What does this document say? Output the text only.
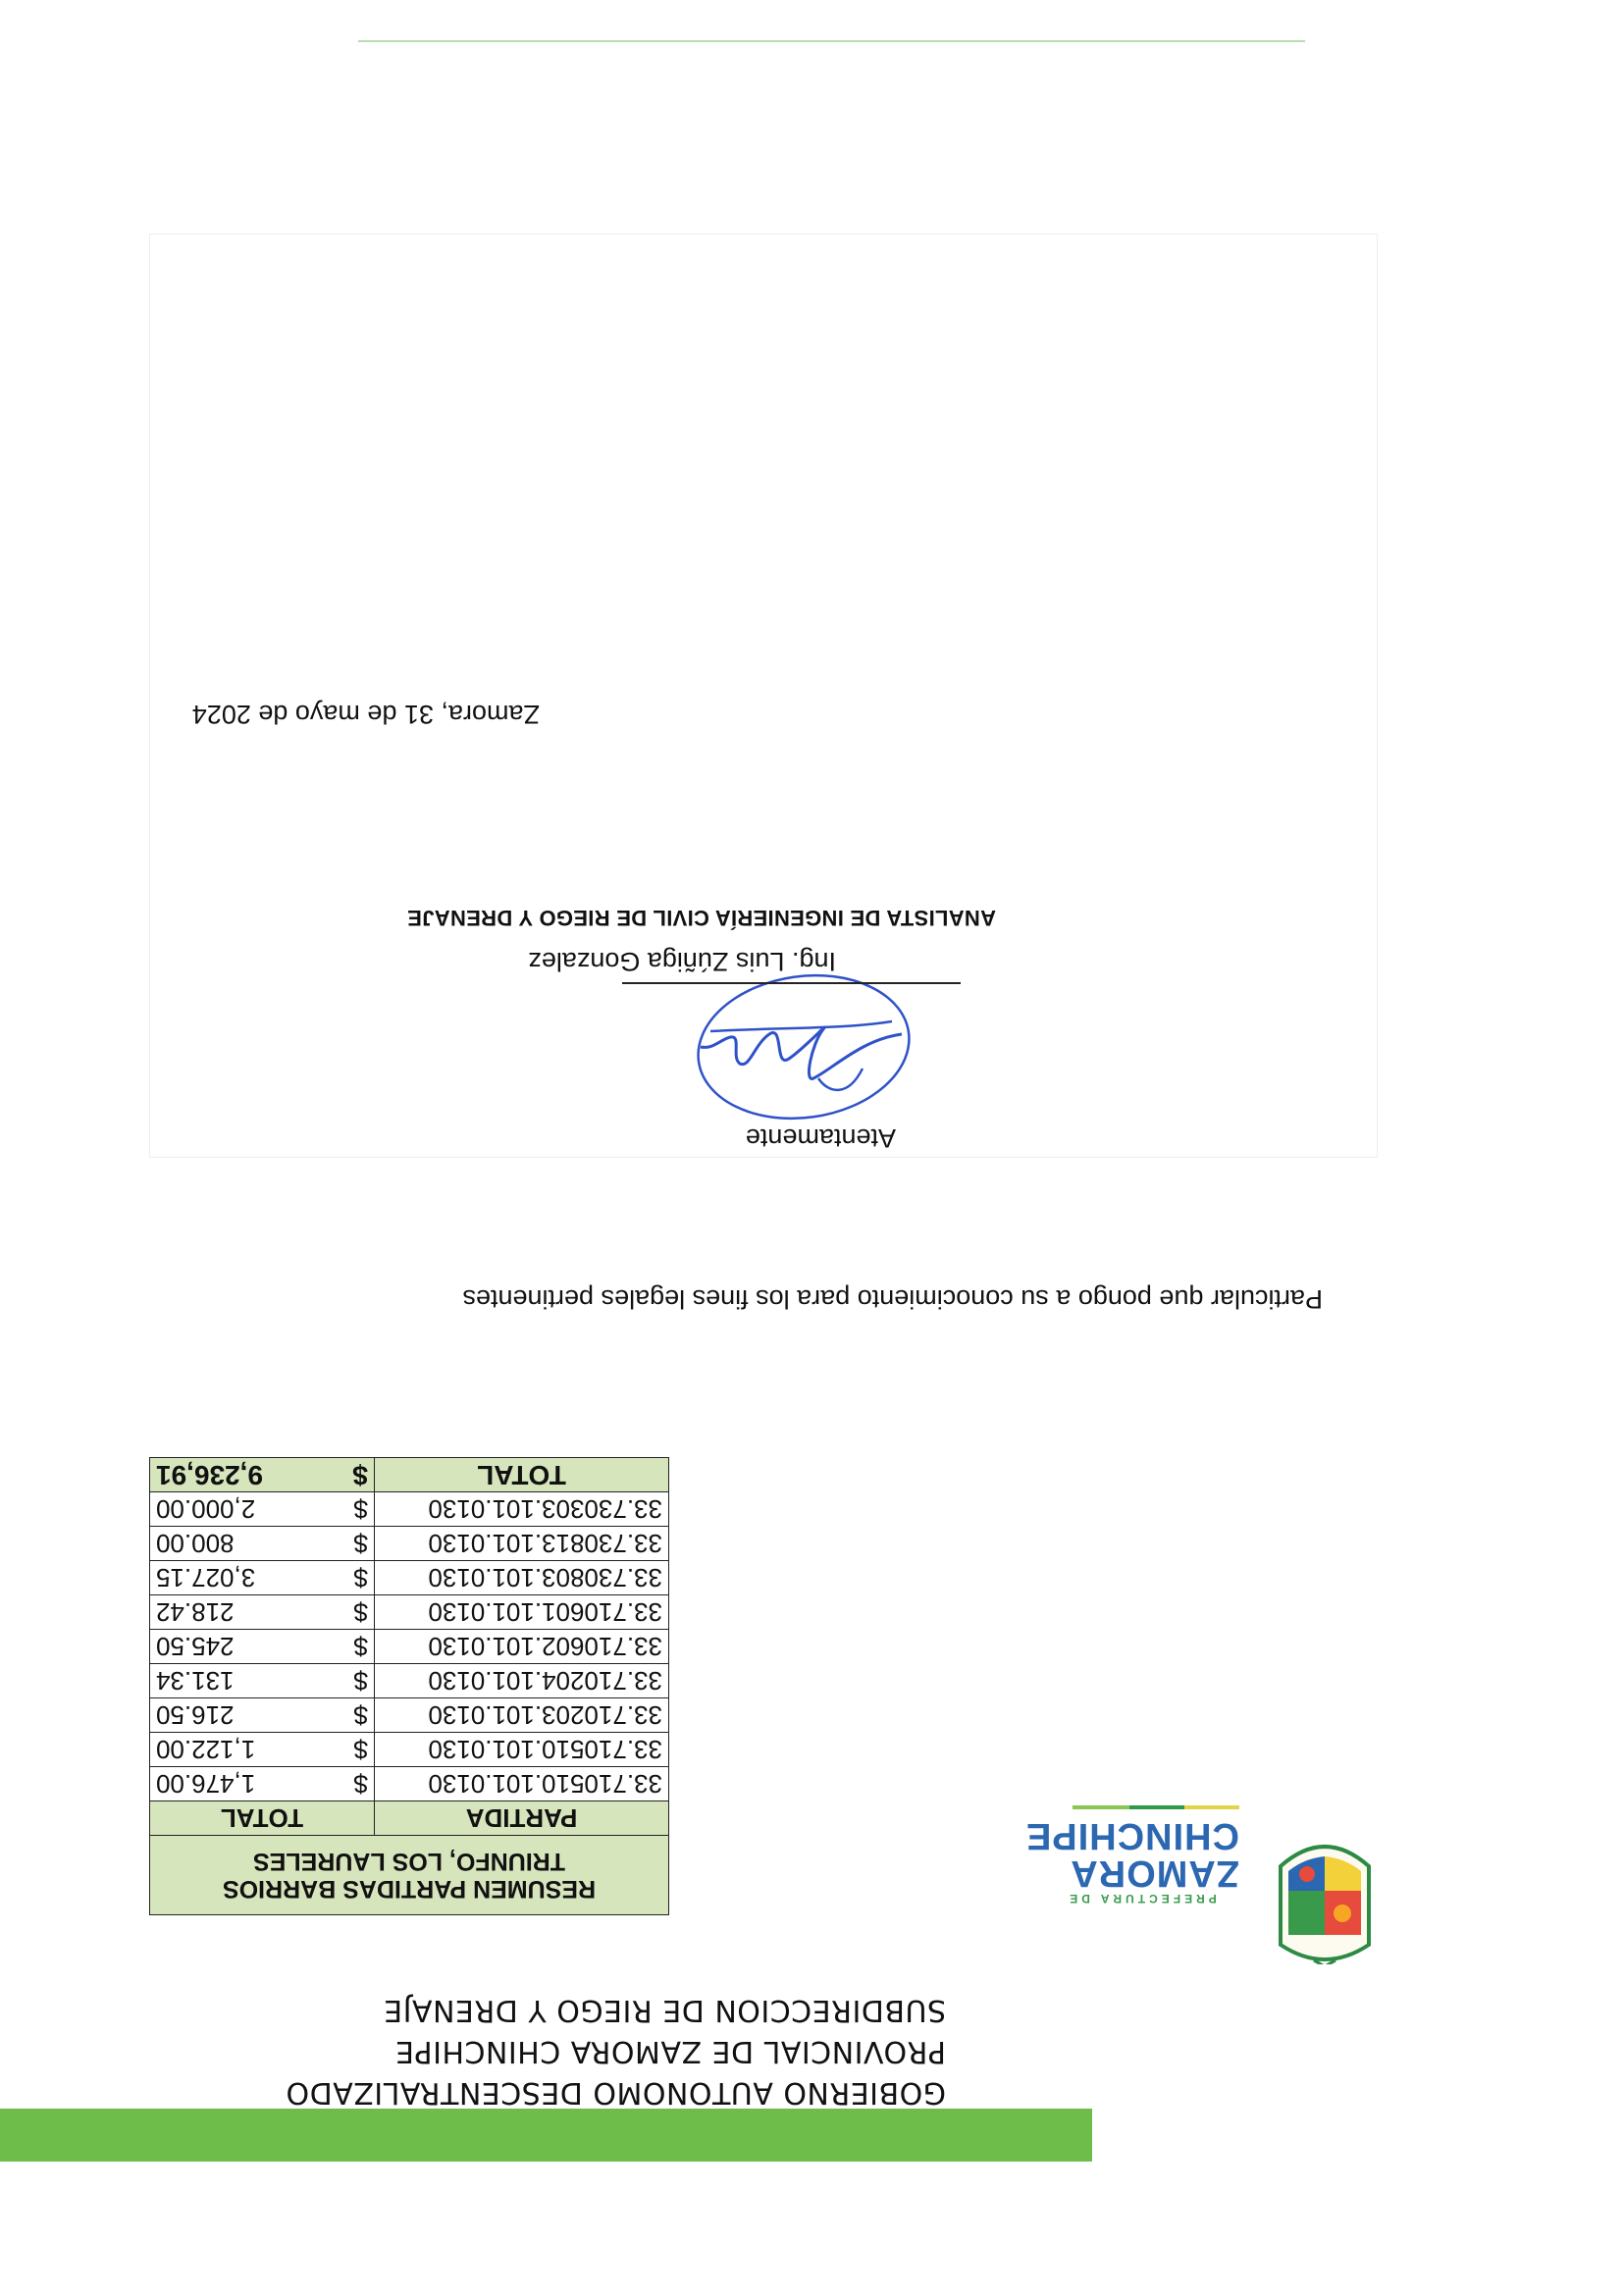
PREFECTURA DE
ZAMORA
CHINCHIPE
GOBIERNO AUTONOMO DESCENTRALIZADO
PROVINCIAL DE ZAMORA CHINCHIPE
SUBDIRECCION DE RIEGO Y DRENAJE
RESUMEN PARTIDAS BARRIOS
TRIUNFO, LOS LAURELES		

PARTIDA	TOTAL	
33.710510.101.0130	$	1,476.00
33.710510.101.0130	$	1,122.00
33.710203.101.0130	$	216.50
33.710204.101.0130	$	131.34
33.710602.101.0130	$	245.50
33.710601.101.0130	$	218.42
33.730803.101.0130	$	3,027.15
33.730813.101.0130	$	800.00
33.730303.101.0130	$	2,000.00
TOTAL	$	9,236,91
Particular que pongo a su conocimiento para los fines legales pertinentes
Atentamente
Ing. Luis Zúñiga Gonzalez
ANALISTA DE INGENIERÍA CIVIL DE RIEGO Y DRENAJE
Zamora, 31 de mayo de 2024
